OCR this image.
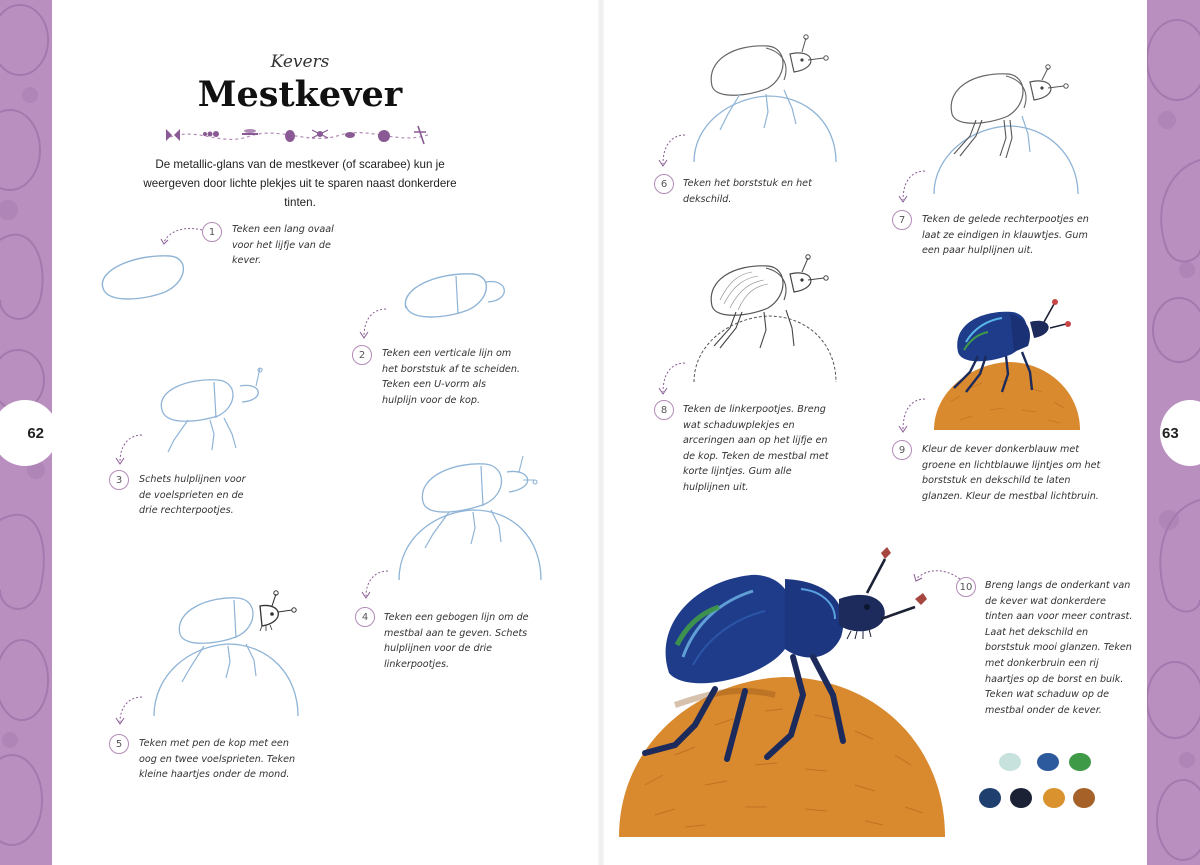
62	63
Kevers
Mestkever
De metallic-glans van de mestkever (of scarabee) kun je weergeven door lichte plekjes uit te sparen naast donkerdere tinten.
1	Teken een lang ovaal voor het lijfje van de kever.
2	Teken een verticale lijn om het borststuk af te scheiden. Teken een U-vorm als hulplijn voor de kop.
3	Schets hulplijnen voor de voelsprieten en de drie rechterpootjes.
4	Teken een gebogen lijn om de mestbal aan te geven. Schets hulplijnen voor de drie linkerpootjes.
5	Teken met pen de kop met een oog en twee voelsprieten. Teken kleine haartjes onder de mond.
6	Teken het borststuk en het dekschild.
7	Teken de gelede rechterpootjes en laat ze eindigen in klauwtjes. Gum een paar hulplijnen uit.
8	Teken de linkerpootjes. Breng wat schaduwplekjes en arceringen aan op het lijfje en de kop. Teken de mestbal met korte lijntjes. Gum alle hulplijnen uit.
9	Kleur de kever donkerblauw met groene en lichtblauwe lijntjes om het borststuk en dekschild te laten glanzen. Kleur de mestbal lichtbruin.
10	Breng langs de onderkant van de kever wat donkerdere tinten aan voor meer contrast. Laat het dekschild en borststuk mooi glanzen. Teken met donkerbruin een rij haartjes op de borst en buik. Teken wat schaduw op de mestbal onder de kever.
